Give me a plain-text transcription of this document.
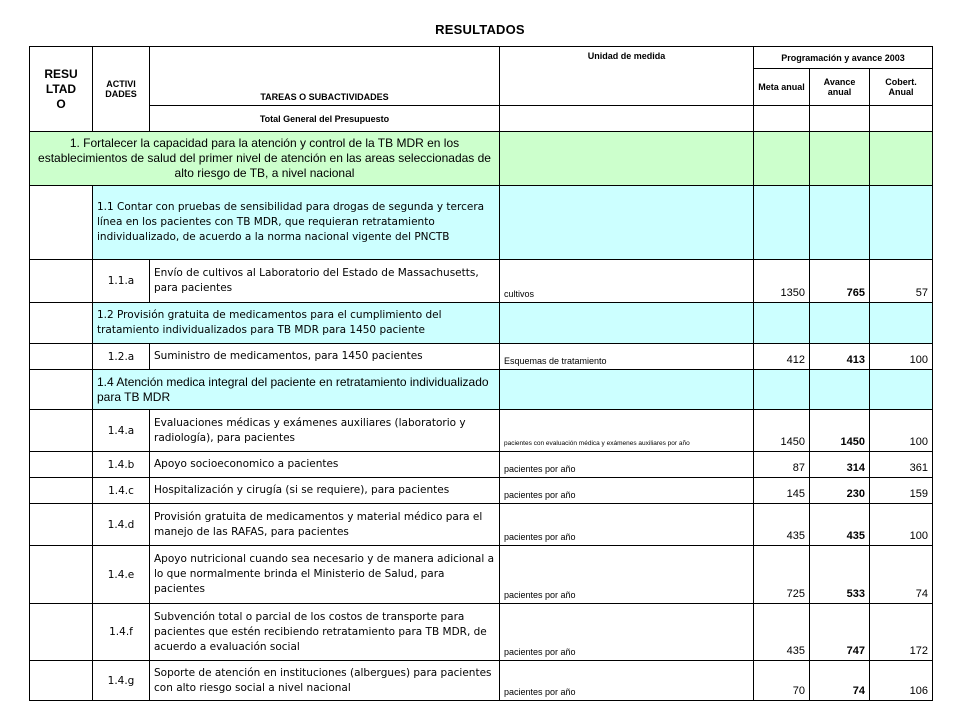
RESULTADOS
RESU LTAD O	ACTIVI DADES	TAREAS O SUBACTIVIDADES	Unidad de medida	Programación y avance 2003		
				Meta anual	Avance anual	Cobert. Anual
		Total General del Presupuesto				
1. Fortalecer la capacidad para la atención y control de la TB MDR en los establecimientos de salud del primer nivel de atención en las areas seleccionadas de alto riesgo de TB, a nivel nacional						
	1.1 Contar con pruebas de sensibilidad para drogas de segunda y tercera línea en los pacientes con TB MDR, que requieran retratamiento individualizado, de acuerdo a la norma nacional vigente del PNCTB					
	1.1.a	Envío de cultivos al Laboratorio del Estado de Massachusetts, para pacientes	cultivos	1350	765	57
	1.2 Provisión gratuita de medicamentos para el cumplimiento del tratamiento individualizados para TB MDR para 1450 paciente					
	1.2.a	Suministro de medicamentos, para 1450 pacientes	Esquemas de tratamiento	412	413	100
	1.4 Atención medica integral del paciente en retratamiento individualizado para TB MDR					
	1.4.a	Evaluaciones médicas y exámenes auxiliares (laboratorio y radiología), para pacientes	pacientes con evaluación médica y exámenes auxiliares por año	1450	1450	100
	1.4.b	Apoyo socioeconomico a pacientes	pacientes por año	87	314	361
	1.4.c	Hospitalización y cirugía (si se requiere), para pacientes	pacientes por año	145	230	159
	1.4.d	Provisión gratuita de medicamentos y material médico para el manejo de las RAFAS, para pacientes	pacientes por año	435	435	100
	1.4.e	Apoyo nutricional cuando sea necesario y de manera adicional a lo que normalmente brinda el Ministerio de Salud, para pacientes	pacientes por año	725	533	74
	1.4.f	Subvención total o parcial de los costos de transporte para pacientes que estén recibiendo retratamiento para TB MDR, de acuerdo a evaluación social	pacientes por año	435	747	172
	1.4.g	Soporte de atención en instituciones (albergues) para pacientes con alto riesgo social a nivel nacional	pacientes por año	70	74	106
